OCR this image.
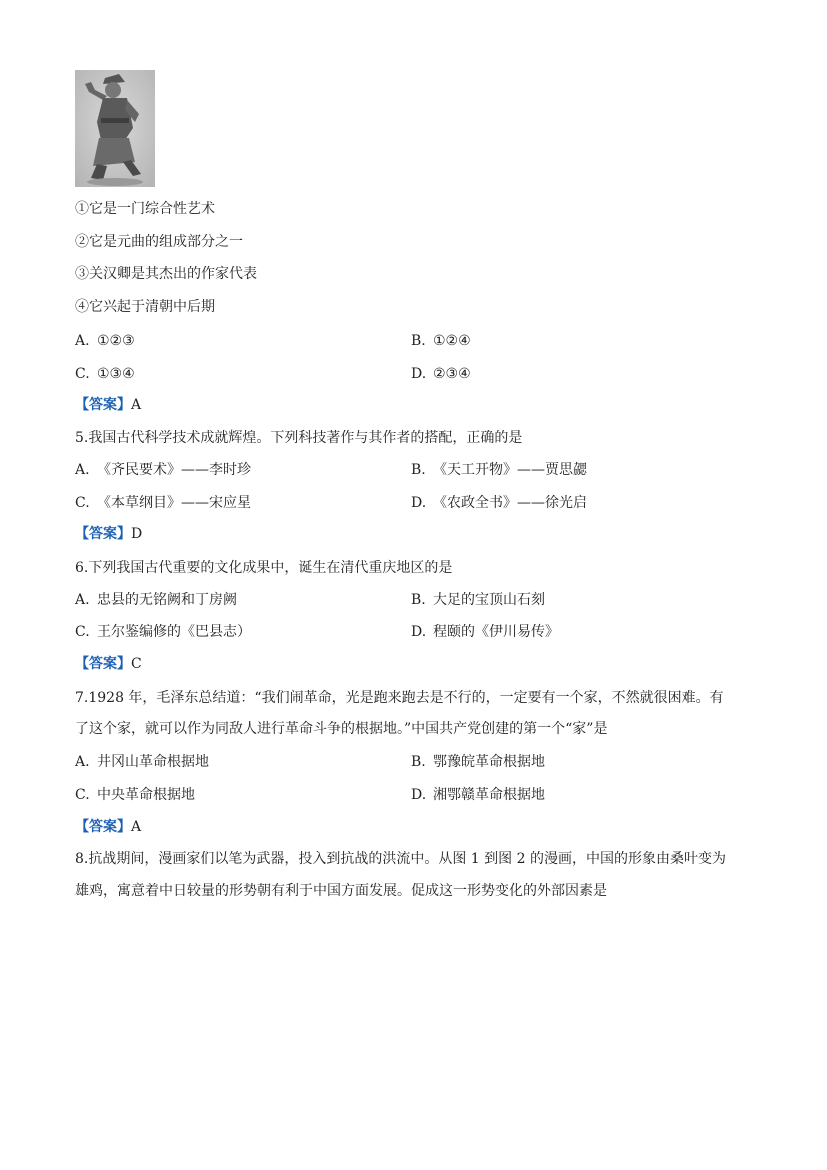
①它是一门综合性艺术
②它是元曲的组成部分之一
③关汉卿是其杰出的作家代表
④它兴起于清朝中后期
A. ①②③	B. ①②④
C. ①③④	D. ②③④
【答案】A
5.我国古代科学技术成就辉煌。下列科技著作与其作者的搭配，正确的是
A. 《齐民要术》——李时珍	B. 《天工开物》——贾思勰
C. 《本草纲目》——宋应星	D. 《农政全书》——徐光启
【答案】D
6.下列我国古代重要的文化成果中，诞生在清代重庆地区的是
A. 忠县的无铭阙和丁房阙	B. 大足的宝顶山石刻
C. 王尔鉴编修的《巴县志）	D. 程颐的《伊川易传》
【答案】C
7.1928 年，毛泽东总结道：“我们闹革命，光是跑来跑去是不行的，一定要有一个家，不然就很困难。有
了这个家，就可以作为同敌人进行革命斗争的根据地。”中国共产党创建的第一个“家”是
A. 井冈山革命根据地	B. 鄂豫皖革命根据地
C. 中央革命根据地	D. 湘鄂赣革命根据地
【答案】A
8.抗战期间，漫画家们以笔为武器，投入到抗战的洪流中。从图 1 到图 2 的漫画，中国的形象由桑叶变为
雄鸡，寓意着中日较量的形势朝有利于中国方面发展。促成这一形势变化的外部因素是
